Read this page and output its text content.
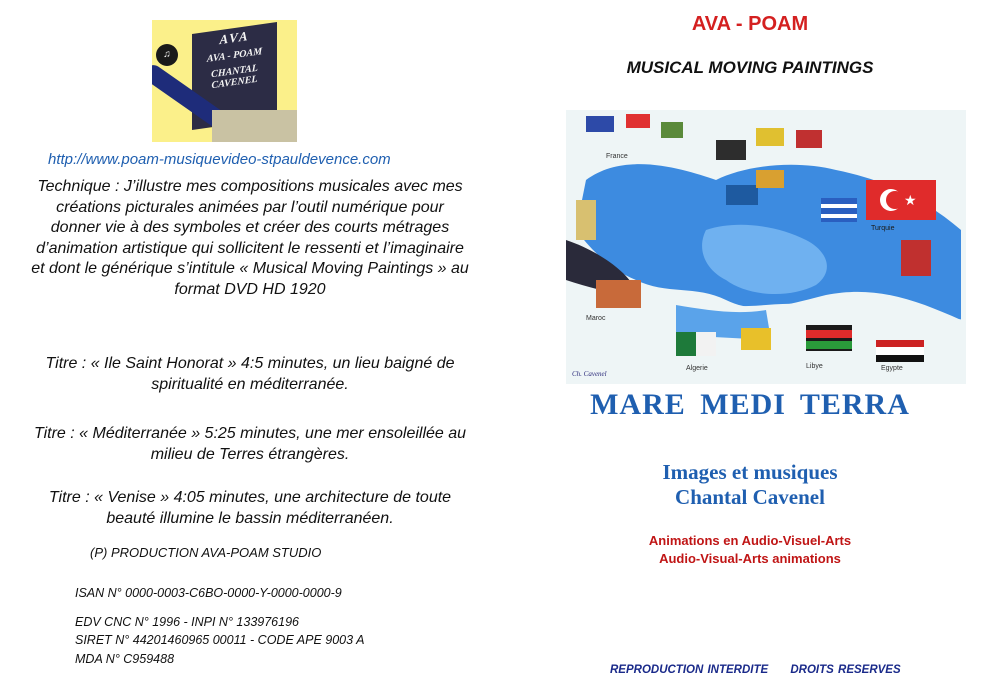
AVA
AVA - POAM
CHANTAL CAVENEL
♫
http://www.poam-musiquevideo-stpauldevence.com

Technique : J’illustre mes compositions musicales avec mes créations picturales animées par l’outil numérique pour donner vie à des symboles et créer des courts métrages d’animation artistique qui sollicitent le ressenti et l’imaginaire et dont le générique s’intitule « Musical Moving Paintings » au format DVD HD 1920

Titre : « Ile Saint Honorat » 4:5 minutes, un lieu baigné de spiritualité en méditerranée.

Titre : « Méditerranée » 5:25 minutes, une mer ensoleillée au milieu de Terres étrangères.

Titre : « Venise » 4:05 minutes, une architecture de toute beauté illumine le bassin méditerranéen.

(P) PRODUCTION AVA-POAM STUDIO
ISAN N° 0000-0003-C6BO-0000-Y-0000-0000-9
EDV CNC N° 1996 - INPI N° 133976196
SIRET N° 44201460965 00011 - CODE APE 9003 A
MDA N° C959488
AVA - POAM
MUSICAL MOVING PAINTINGS
★
France
Turquie
Maroc
Algerie	Libye	Egypte
Ch. Cavenel
MARE MEDI TERRA
Images et musiques
Chantal Cavenel
Animations en Audio-Visuel-Arts
Audio-Visual-Arts animations
REPRODUCTION INTERDITE DROITS RESERVES
